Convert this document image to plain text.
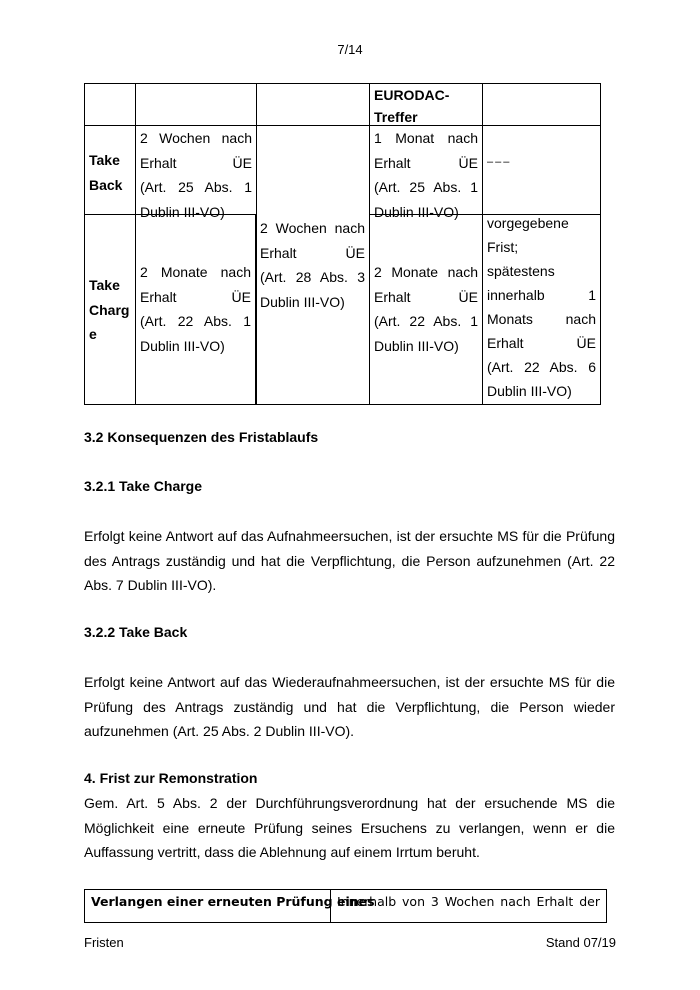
7/14
EURODAC-
Treffer
Take
Back
2 Wochen nach
Erhalt ÜE
(Art. 25 Abs. 1
Dublin III-VO)
1 Monat nach
Erhalt ÜE
(Art. 25 Abs. 1
Dublin III-VO)
–––
Take
Charg
e
2 Monate nach
Erhalt ÜE
(Art. 22 Abs. 1
Dublin III-VO)
2 Monate nach
Erhalt ÜE
(Art. 22 Abs. 1
Dublin III-VO)
vorgegebene
Frist;
spätestens
innerhalb 1
Monats nach
Erhalt ÜE
(Art. 22 Abs. 6
Dublin III-VO)
2 Wochen nach
Erhalt ÜE
(Art. 28 Abs. 3
Dublin III-VO)
3.2 Konsequenzen des Fristablaufs
3.2.1 Take Charge
Erfolgt keine Antwort auf das Aufnahmeersuchen, ist der ersuchte MS für die Prüfung
des Antrags zuständig und hat die Verpflichtung, die Person aufzunehmen (Art. 22
Abs. 7 Dublin III-VO).
3.2.2 Take Back
Erfolgt keine Antwort auf das Wiederaufnahmeersuchen, ist der ersuchte MS für die
Prüfung des Antrags zuständig und hat die Verpflichtung, die Person wieder
aufzunehmen (Art. 25 Abs. 2 Dublin III-VO).
4. Frist zur Remonstration
Gem. Art. 5 Abs. 2 der Durchführungsverordnung hat der ersuchende MS die
Möglichkeit eine erneute Prüfung seines Ersuchens zu verlangen, wenn er die
Auffassung vertritt, dass die Ablehnung auf einem Irrtum beruht.
Verlangen einer erneuten Prüfung eines
Innerhalb von 3 Wochen nach Erhalt der
Fristen	Stand 07/19
